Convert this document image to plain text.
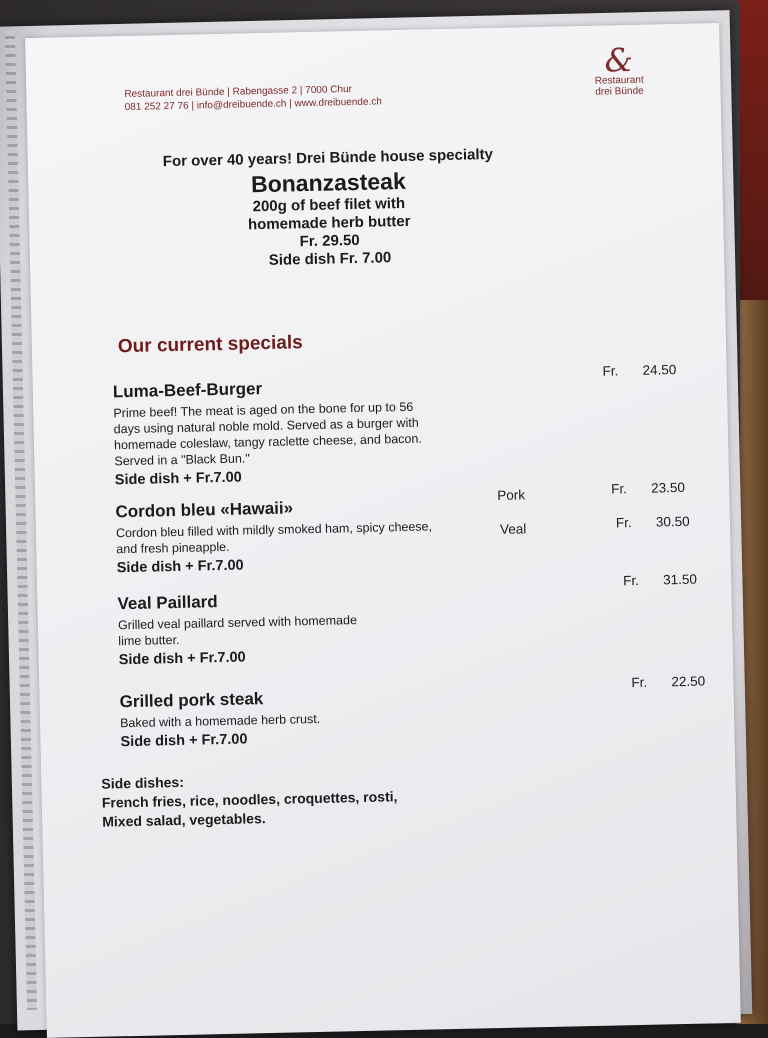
Restaurant drei Bünde | Rabengasse 2 | 7000 Chur
081 252 27 76 | info@dreibuende.ch | www.dreibuende.ch
&
Restaurant
drei Bünde
For over 40 years! Drei Bünde house specialty
Bonanzasteak
200g of beef filet with
homemade herb butter
Fr. 29.50
Side dish Fr. 7.00
Our current specials
Luma-Beef-Burger
Prime beef! The meat is aged on the bone for up to 56
days using natural noble mold. Served as a burger with
homemade coleslaw, tangy raclette cheese, and bacon.
Served in a "Black Bun."
Side dish + Fr.7.00
Fr. 24.50
Cordon bleu «Hawaii»
Cordon bleu filled with mildly smoked ham, spicy cheese,
and fresh pineapple.
Side dish + Fr.7.00
Pork	Fr. 23.50
Veal	Fr. 30.50
Veal Paillard
Grilled veal paillard served with homemade
lime butter.
Side dish + Fr.7.00
Fr. 31.50
Grilled pork steak
Baked with a homemade herb crust.
Side dish + Fr.7.00
Fr. 22.50
Side dishes:
French fries, rice, noodles, croquettes, rosti,
Mixed salad, vegetables.
